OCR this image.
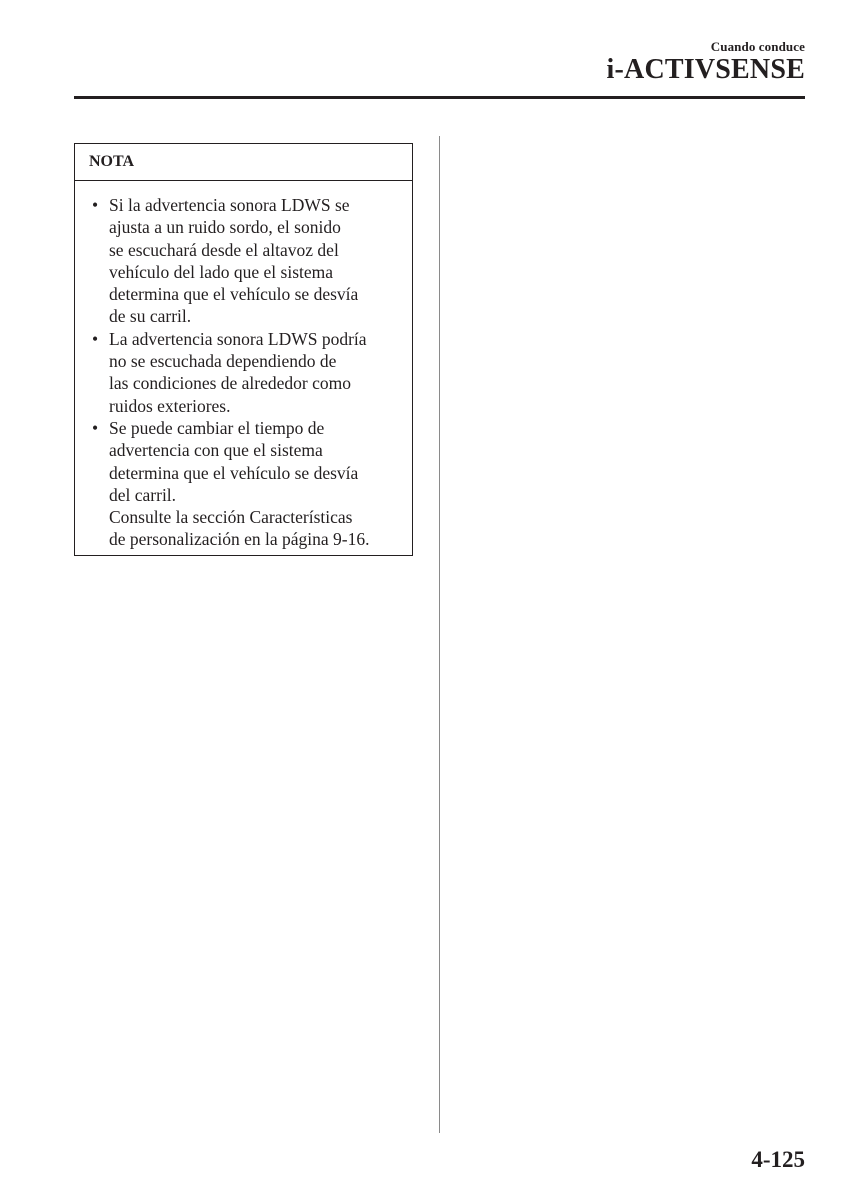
Cuando conduce
i-ACTIVSENSE
NOTA
• Si la advertencia sonora LDWS se
ajusta a un ruido sordo, el sonido
se escuchará desde el altavoz del
vehículo del lado que el sistema
determina que el vehículo se desvía
de su carril.
• La advertencia sonora LDWS podría
no se escuchada dependiendo de
las condiciones de alrededor como
ruidos exteriores.
• Se puede cambiar el tiempo de
advertencia con que el sistema
determina que el vehículo se desvía
del carril.
Consulte la sección Características
de personalización en la página 9-16.
4-125
